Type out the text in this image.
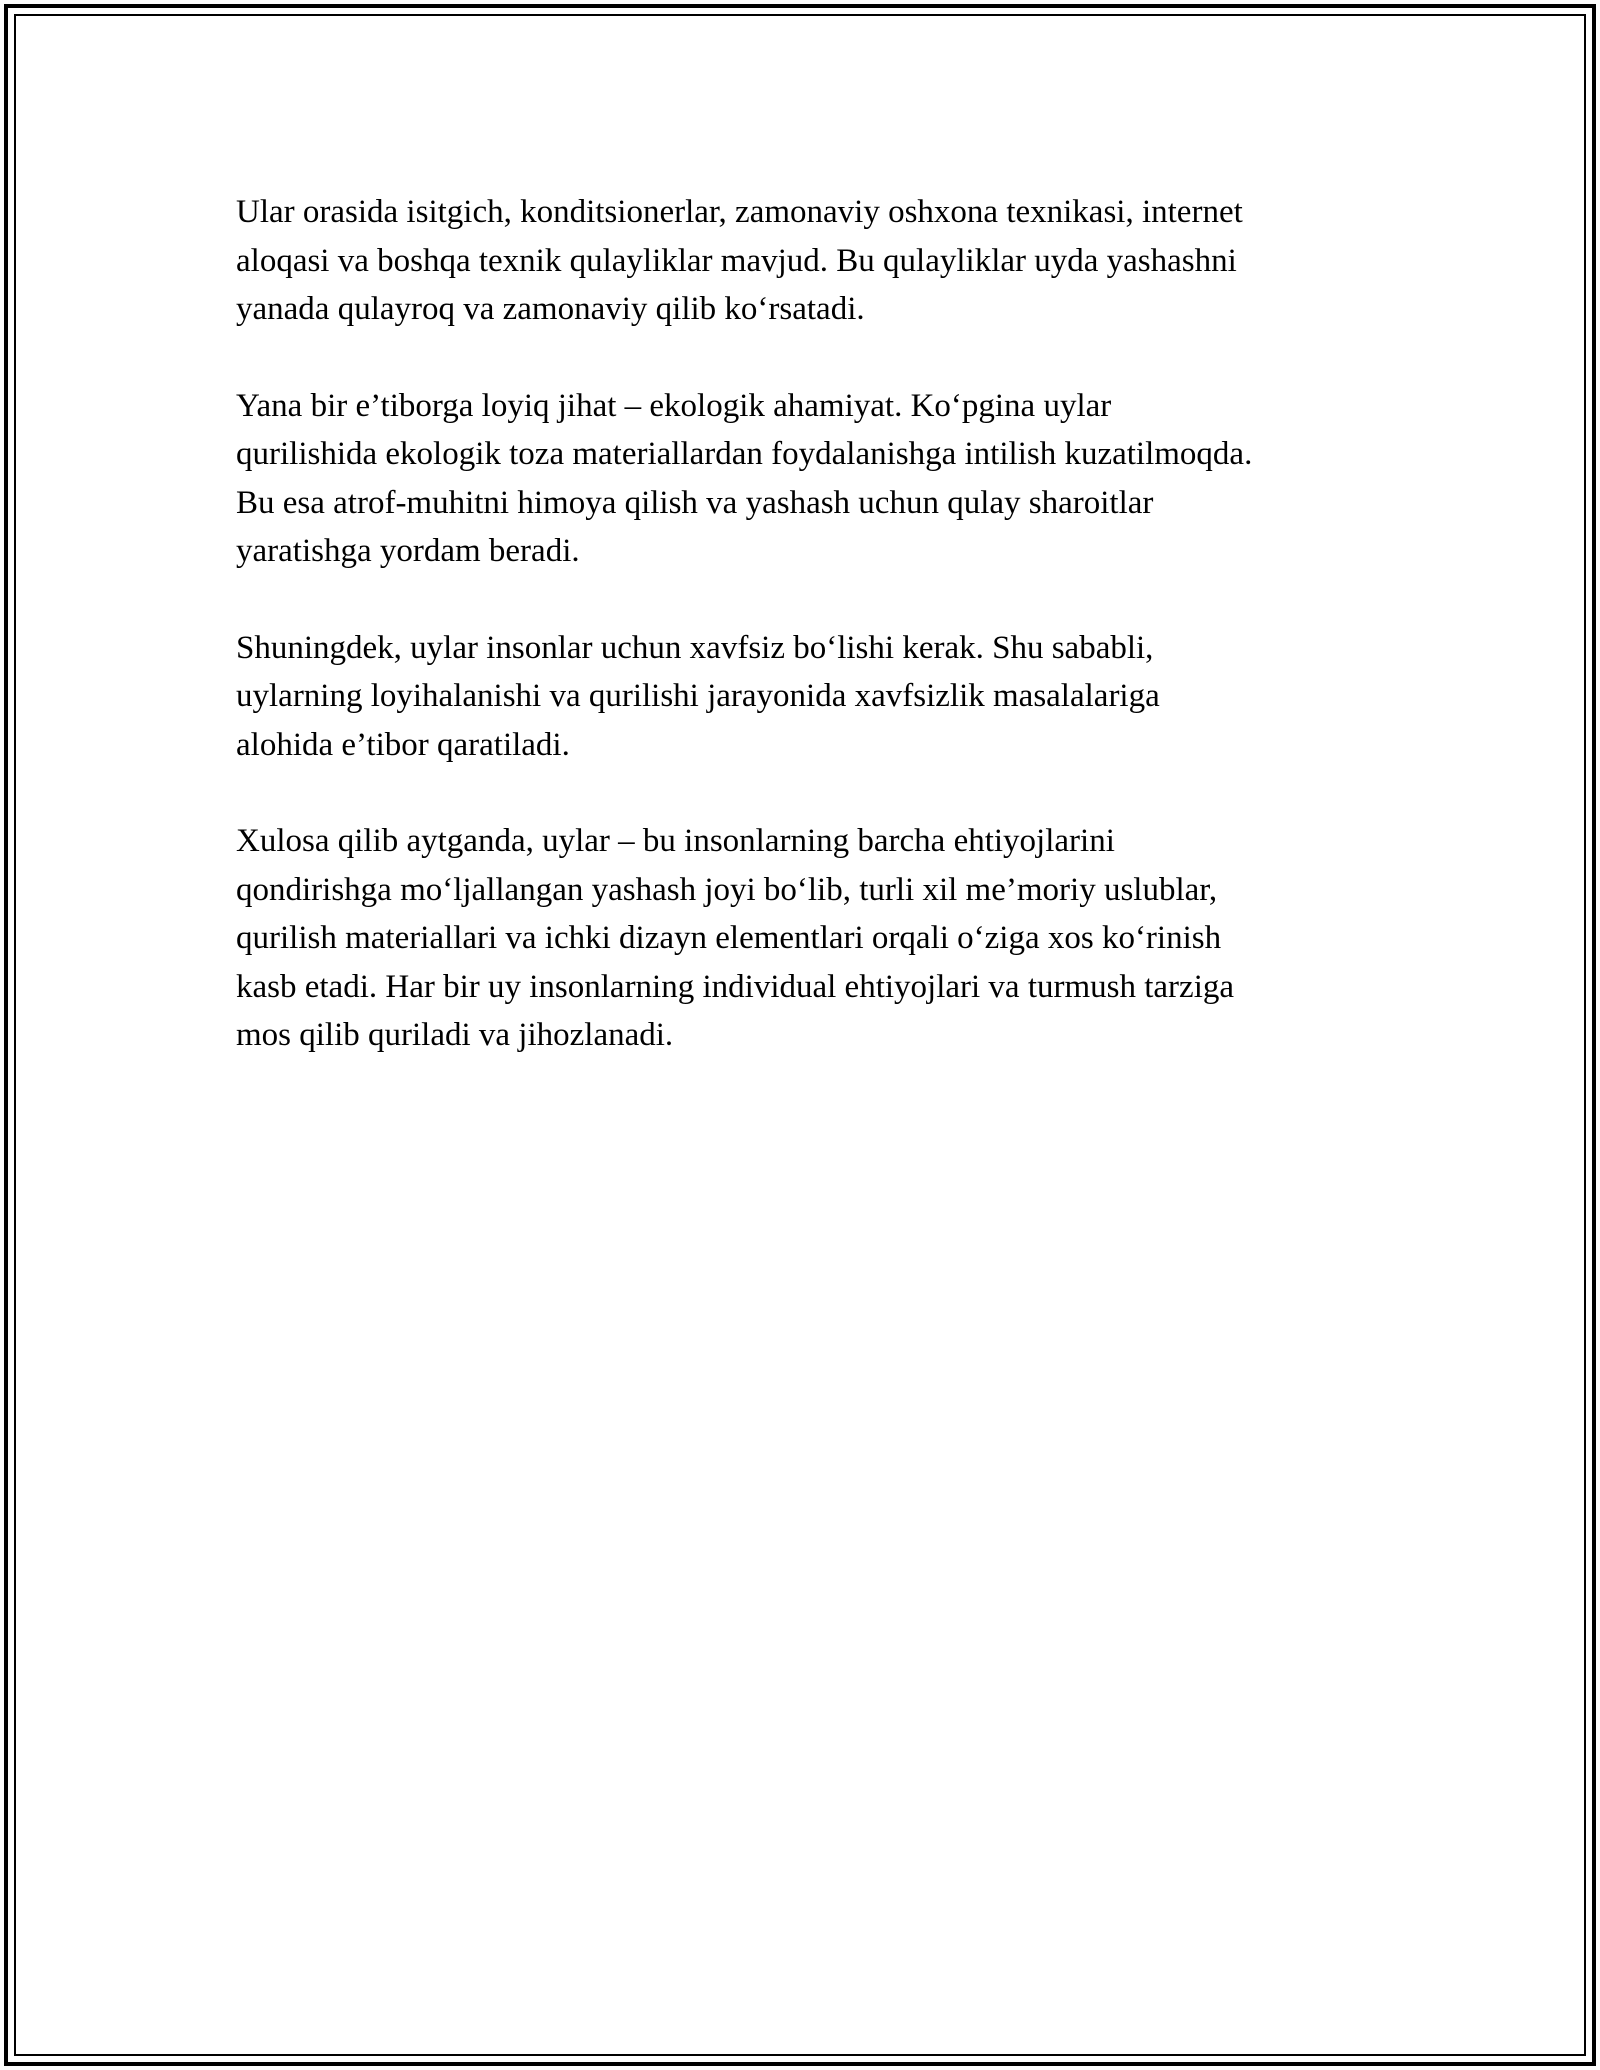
Ular orasida isitgich, konditsionerlar, zamonaviy oshxona texnikasi, internet
aloqasi va boshqa texnik qulayliklar mavjud. Bu qulayliklar uyda yashashni
yanada qulayroq va zamonaviy qilib ko‘rsatadi.

Yana bir e’tiborga loyiq jihat – ekologik ahamiyat. Ko‘pgina uylar
qurilishida ekologik toza materiallardan foydalanishga intilish kuzatilmoqda.
Bu esa atrof-muhitni himoya qilish va yashash uchun qulay sharoitlar
yaratishga yordam beradi.

Shuningdek, uylar insonlar uchun xavfsiz bo‘lishi kerak. Shu sababli,
uylarning loyihalanishi va qurilishi jarayonida xavfsizlik masalalariga
alohida e’tibor qaratiladi.

Xulosa qilib aytganda, uylar – bu insonlarning barcha ehtiyojlarini
qondirishga mo‘ljallangan yashash joyi bo‘lib, turli xil me’moriy uslublar,
qurilish materiallari va ichki dizayn elementlari orqali o‘ziga xos ko‘rinish
kasb etadi. Har bir uy insonlarning individual ehtiyojlari va turmush tarziga
mos qilib quriladi va jihozlanadi.
